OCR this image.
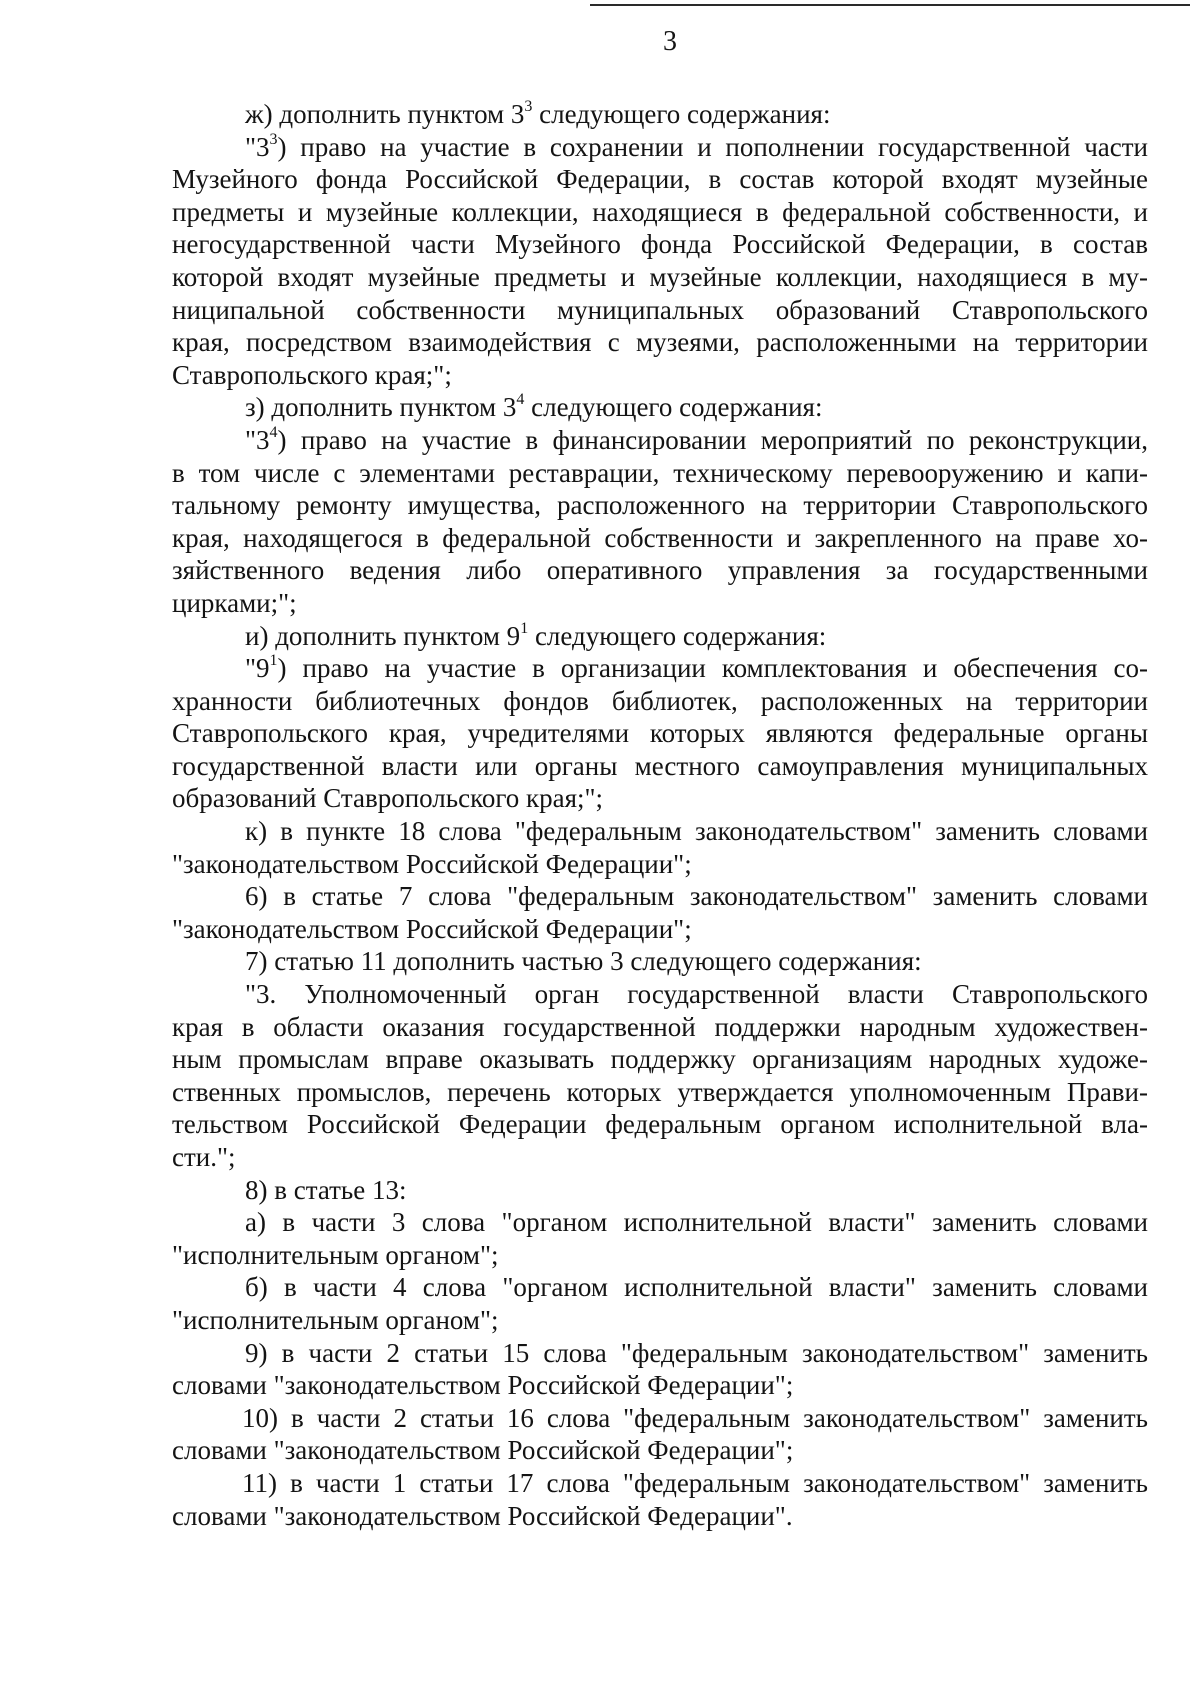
3
ж) дополнить пунктом $3^3$ следующего содержания:
"$3^3$) право на участие в сохранении и пополнении государственной части
Музейного фонда Российской Федерации, в состав которой входят музейные
предметы и музейные коллекции, находящиеся в федеральной собственности, и
негосударственной части Музейного фонда Российской Федерации, в состав
которой входят музейные предметы и музейные коллекции, находящиеся в му-
ниципальной собственности муниципальных образований Ставропольского
края, посредством взаимодействия с музеями, расположенными на территории
Ставропольского края;";
з) дополнить пунктом $3^4$ следующего содержания:
"$3^4$) право на участие в финансировании мероприятий по реконструкции,
в том числе с элементами реставрации, техническому перевооружению и капи-
тальному ремонту имущества, расположенного на территории Ставропольского
края, находящегося в федеральной собственности и закрепленного на праве хо-
зяйственного ведения либо оперативного управления за государственными
цирками;";
и) дополнить пунктом $9^1$ следующего содержания:
"$9^1$) право на участие в организации комплектования и обеспечения со-
хранности библиотечных фондов библиотек, расположенных на территории
Ставропольского края, учредителями которых являются федеральные органы
государственной власти или органы местного самоуправления муниципальных
образований Ставропольского края;";
к) в пункте 18 слова "федеральным законодательством" заменить словами
"законодательством Российской Федерации";
6) в статье 7 слова "федеральным законодательством" заменить словами
"законодательством Российской Федерации";
7) статью 11 дополнить частью 3 следующего содержания:
"3. Уполномоченный орган государственной власти Ставропольского
края в области оказания государственной поддержки народным художествен-
ным промыслам вправе оказывать поддержку организациям народных художе-
ственных промыслов, перечень которых утверждается уполномоченным Прави-
тельством Российской Федерации федеральным органом исполнительной вла-
сти.";
8) в статье 13:
а) в части 3 слова "органом исполнительной власти" заменить словами
"исполнительным органом";
б) в части 4 слова "органом исполнительной власти" заменить словами
"исполнительным органом";
9) в части 2 статьи 15 слова "федеральным законодательством" заменить
словами "законодательством Российской Федерации";
10) в части 2 статьи 16 слова "федеральным законодательством" заменить
словами "законодательством Российской Федерации";
11) в части 1 статьи 17 слова "федеральным законодательством" заменить
словами "законодательством Российской Федерации".
